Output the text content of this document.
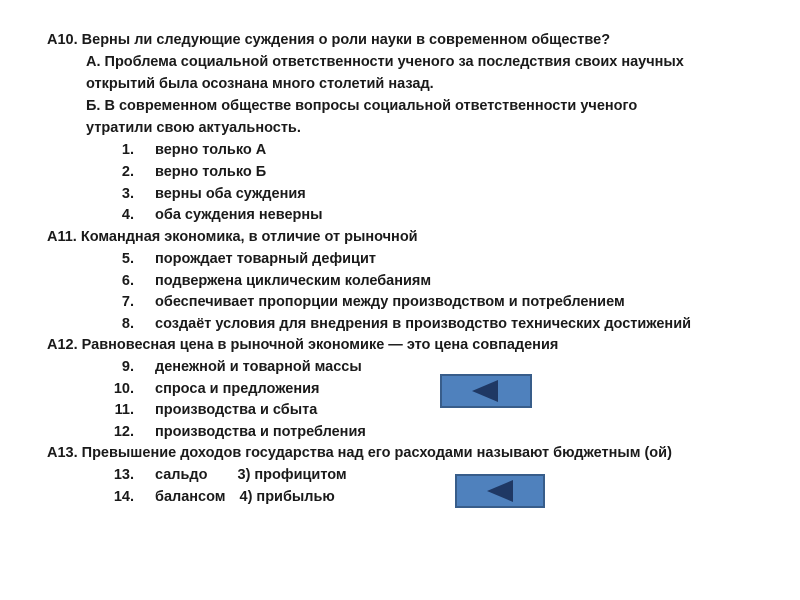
А10. Верны ли следующие суждения о роли науки в современном обществе?
А. Проблема социальной ответственности ученого за последствия своих научных
открытий была осознана много столетий назад.
Б. В современном обществе вопросы социальной ответственности ученого
утратили свою актуальность.
1. верно только А
2. верно только Б
3. верны оба суждения
4. оба суждения неверны
А11. Командная экономика, в отличие от рыночной
5. порождает товарный дефицит
6. подвержена циклическим колебаниям
7. обеспечивает пропорции между производством и потреблением
8. создаёт условия для внедрения в производство технических достижений
А12. Равновесная цена в рыночной экономике — это цена совпадения
9. денежной и товарной массы
10. спроса и предложения
11. производства и сбыта
12. производства и потребления
А13. Превышение доходов государства над его расходами называют бюджетным (ой)
13. сальдо 3) профицитом
14. балансом 4) прибылью
